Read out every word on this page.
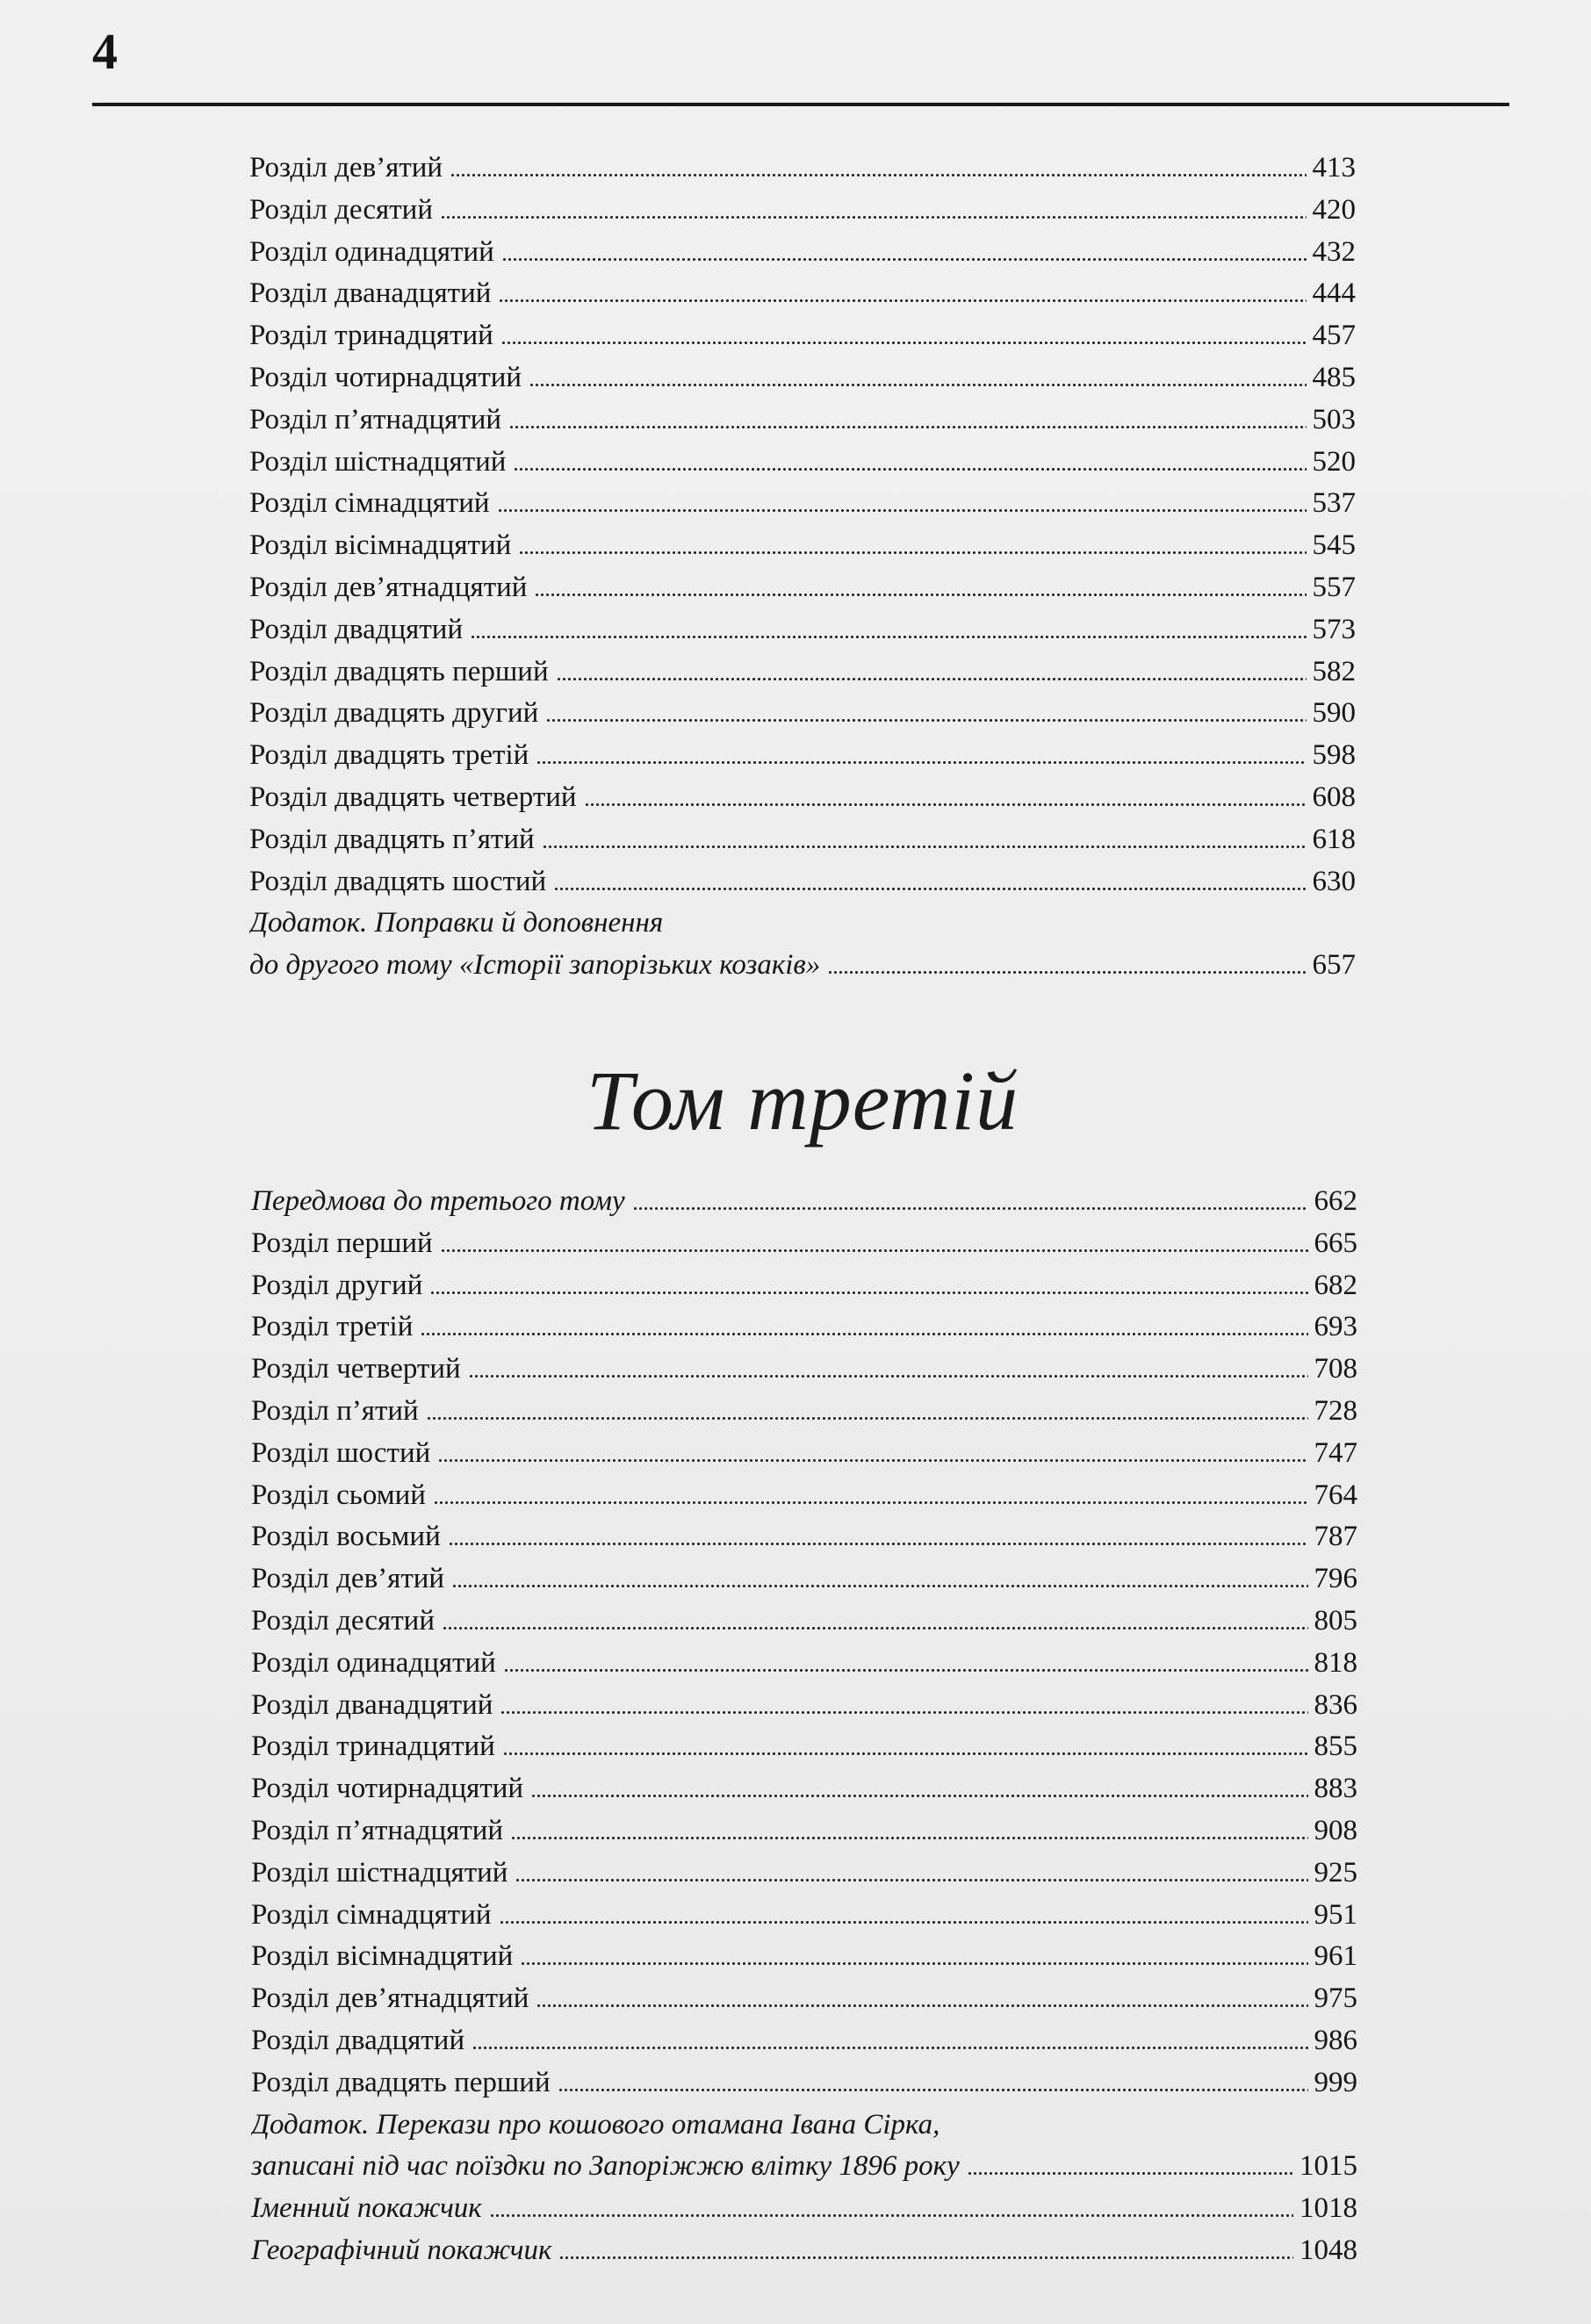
4
Розділ дев’ятий	413
Розділ десятий	420
Розділ одинадцятий	432
Розділ дванадцятий	444
Розділ тринадцятий	457
Розділ чотирнадцятий	485
Розділ п’ятнадцятий	503
Розділ шістнадцятий	520
Розділ сімнадцятий	537
Розділ вісімнадцятий	545
Розділ дев’ятнадцятий	557
Розділ двадцятий	573
Розділ двадцять перший	582
Розділ двадцять другий	590
Розділ двадцять третій	598
Розділ двадцять четвертий	608
Розділ двадцять п’ятий	618
Розділ двадцять шостий	630
Додаток. Поправки й доповнення
до другого тому «Історії запорізьких козаків»	657
Том третій
Передмова до третього тому	662
Розділ перший	665
Розділ другий	682
Розділ третій	693
Розділ четвертий	708
Розділ п’ятий	728
Розділ шостий	747
Розділ сьомий	764
Розділ восьмий	787
Розділ дев’ятий	796
Розділ десятий	805
Розділ одинадцятий	818
Розділ дванадцятий	836
Розділ тринадцятий	855
Розділ чотирнадцятий	883
Розділ п’ятнадцятий	908
Розділ шістнадцятий	925
Розділ сімнадцятий	951
Розділ вісімнадцятий	961
Розділ дев’ятнадцятий	975
Розділ двадцятий	986
Розділ двадцять перший	999
Додаток. Перекази про кошового отамана Івана Сірка,
записані під час поїздки по Запоріжжю влітку 1896 року	1015
Іменний покажчик	1018
Географічний покажчик	1048
